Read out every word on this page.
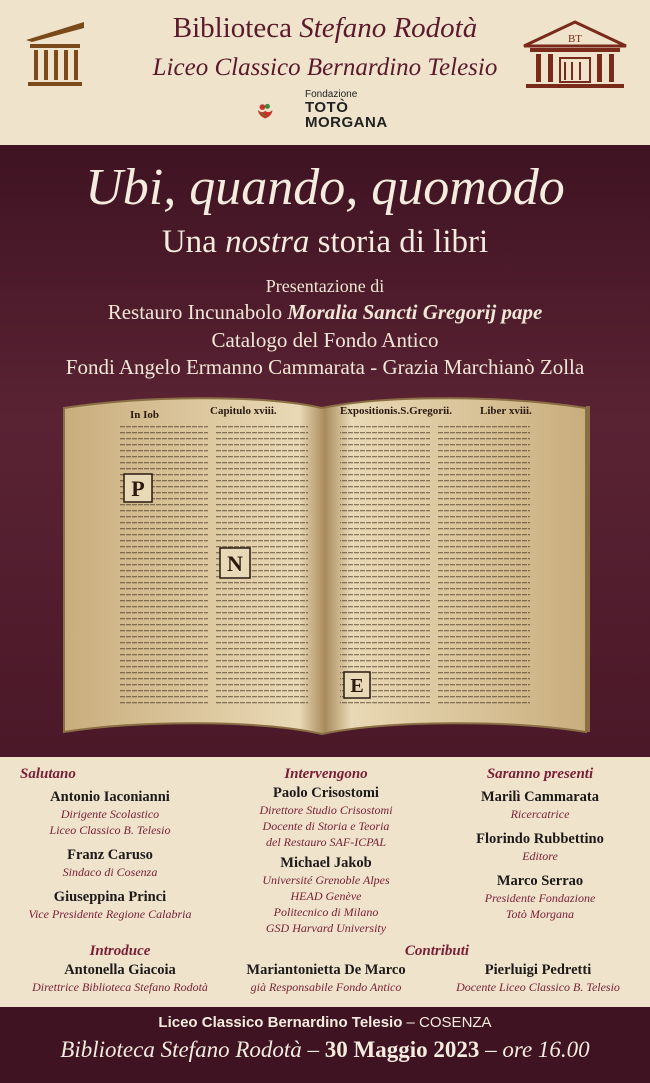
Biblioteca Stefano Rodotà
Liceo Classico Bernardino Telesio
BT
Fondazione
TOTÒ
MORGANA
Ubi, quando, quomodo
Una nostra storia di libri
Presentazione di
Restauro Incunabolo Moralia Sancti Gregorij pape
Catalogo del Fondo Antico
Fondi Angelo Ermanno Cammarata - Grazia Marchianò Zolla
In Iob	Capitulo xviii.	Expositionis.S.Gregorii.	Liber xviii.
P
N
E
Salutano
Antonio Iaconianni
Dirigente Scolastico
Liceo Classico B. Telesio
Franz Caruso
Sindaco di Cosenza
Giuseppina Princi
Vice Presidente Regione Calabria
Intervengono
Paolo Crisostomi
Direttore Studio Crisostomi
Docente di Storia e Teoria
del Restauro SAF-ICPAL
Michael Jakob
Université Grenoble Alpes
HEAD Genève
Politecnico di Milano
GSD Harvard University
Saranno presenti
Marilì Cammarata
Ricercatrice
Florindo Rubbettino
Editore
Marco Serrao
Presidente Fondazione
Totò Morgana
Introduce
Antonella Giacoia
Direttrice Biblioteca Stefano Rodotà
Contributi
Mariantonietta De Marco
già Responsabile Fondo Antico
Pierluigi Pedretti
Docente Liceo Classico B. Telesio
Liceo Classico Bernardino Telesio – COSENZA
Biblioteca Stefano Rodotà – 30 Maggio 2023 – ore 16.00
